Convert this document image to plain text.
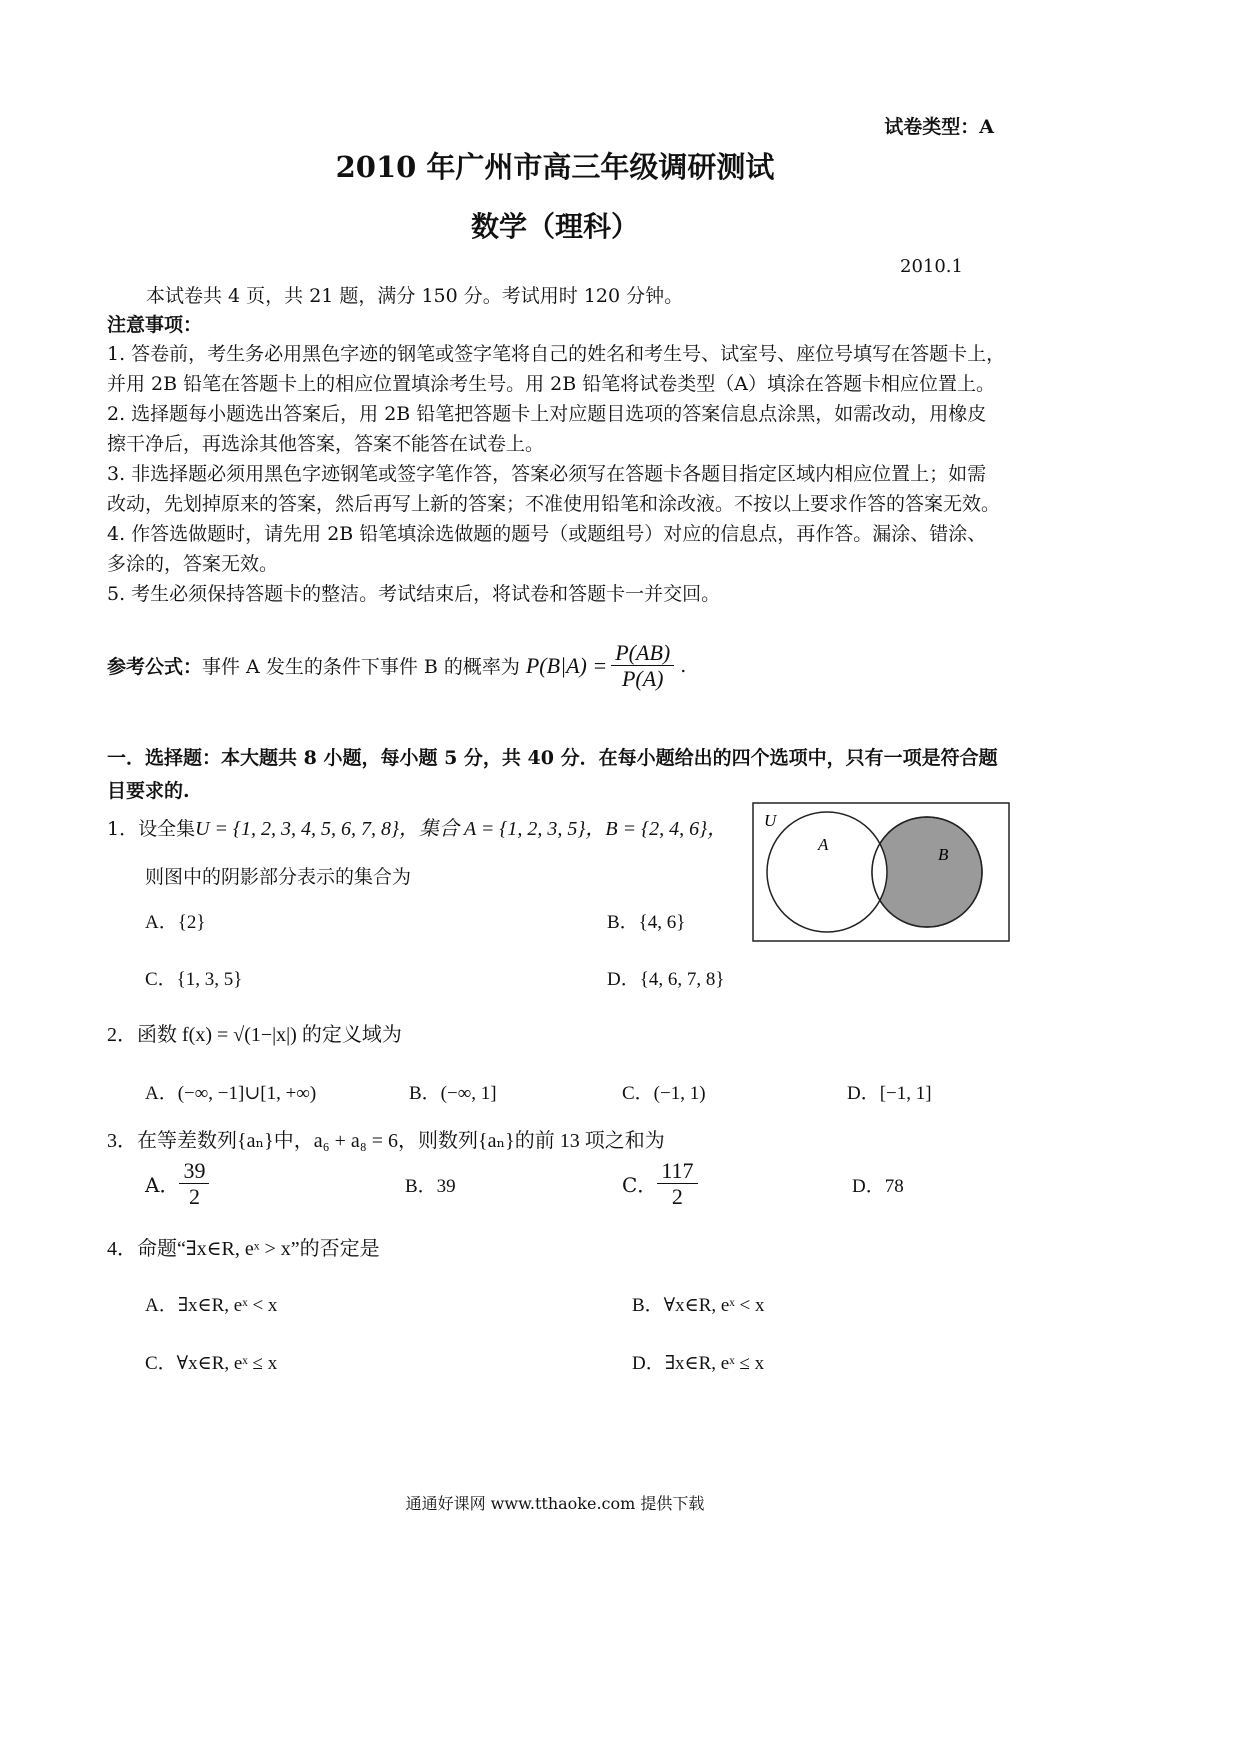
试卷类型：A
2010 年广州市高三年级调研测试
数学（理科）
2010.1
本试卷共 4 页，共 21 题，满分 150 分。考试用时 120 分钟。
注意事项：
1. 答卷前，考生务必用黑色字迹的钢笔或签字笔将自己的姓名和考生号、试室号、座位号填写在答题卡上，
并用 2B 铅笔在答题卡上的相应位置填涂考生号。用 2B 铅笔将试卷类型（A）填涂在答题卡相应位置上。
2. 选择题每小题选出答案后，用 2B 铅笔把答题卡上对应题目选项的答案信息点涂黑，如需改动，用橡皮
擦干净后，再选涂其他答案，答案不能答在试卷上。
3. 非选择题必须用黑色字迹钢笔或签字笔作答，答案必须写在答题卡各题目指定区域内相应位置上；如需
改动，先划掉原来的答案，然后再写上新的答案；不准使用铅笔和涂改液。不按以上要求作答的答案无效。
4. 作答选做题时，请先用 2B 铅笔填涂选做题的题号（或题组号）对应的信息点，再作答。漏涂、错涂、
多涂的，答案无效。
5. 考生必须保持答题卡的整洁。考试结束后，将试卷和答题卡一并交回。
参考公式： 事件 A 发生的条件下事件 B 的概率为 $P(B|A) = \frac{P(AB)}{P(A)}$ .
一．选择题：本大题共 8 小题，每小题 5 分，共 40 分．在每小题给出的四个选项中，只有一项是符合题
目要求的.
1．设全集U = {1, 2, 3, 4, 5, 6, 7, 8}，集合 A = {1, 2, 3, 5}，B = {2, 4, 6}，
则图中的阴影部分表示的集合为
A．{2}	B．{4, 6}
C．{1, 3, 5}	D．{4, 6, 7, 8}
U
A
B
2．函数 f(x) = √(1−|x|) 的定义域为
A．(−∞, −1]∪[1, +∞)	B．(−∞, 1]	C．(−1, 1)	D．[−1, 1]
3．在等差数列{aₙ}中，a₆ + a₈ = 6，则数列{aₙ}的前 13 项之和为
A． $\frac{39}{2}$	B．39	C． $\frac{117}{2}$	D．78
4．命题“∃x∈R, eˣ > x”的否定是
A．∃x∈R, eˣ < x	B．∀x∈R, eˣ < x
C．∀x∈R, eˣ ≤ x	D．∃x∈R, eˣ ≤ x
通通好课网 www.tthaoke.com 提供下载
